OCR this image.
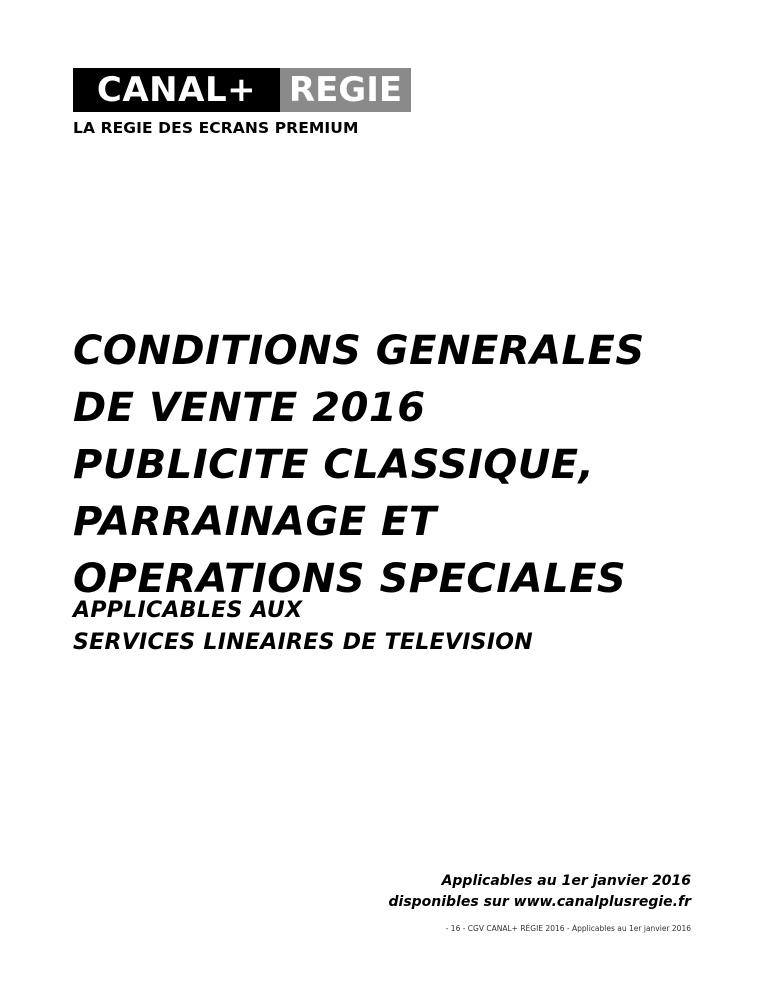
CANAL+ REGIE
LA REGIE DES ECRANS PREMIUM
CONDITIONS GENERALES
DE VENTE 2016
PUBLICITE CLASSIQUE,
PARRAINAGE ET
OPERATIONS SPECIALES
APPLICABLES AUX
SERVICES LINEAIRES DE TELEVISION
Applicables au 1er janvier 2016
disponibles sur www.canalplusregie.fr
- 16 - CGV CANAL+ RÉGIE 2016 - Applicables au 1er janvier 2016
